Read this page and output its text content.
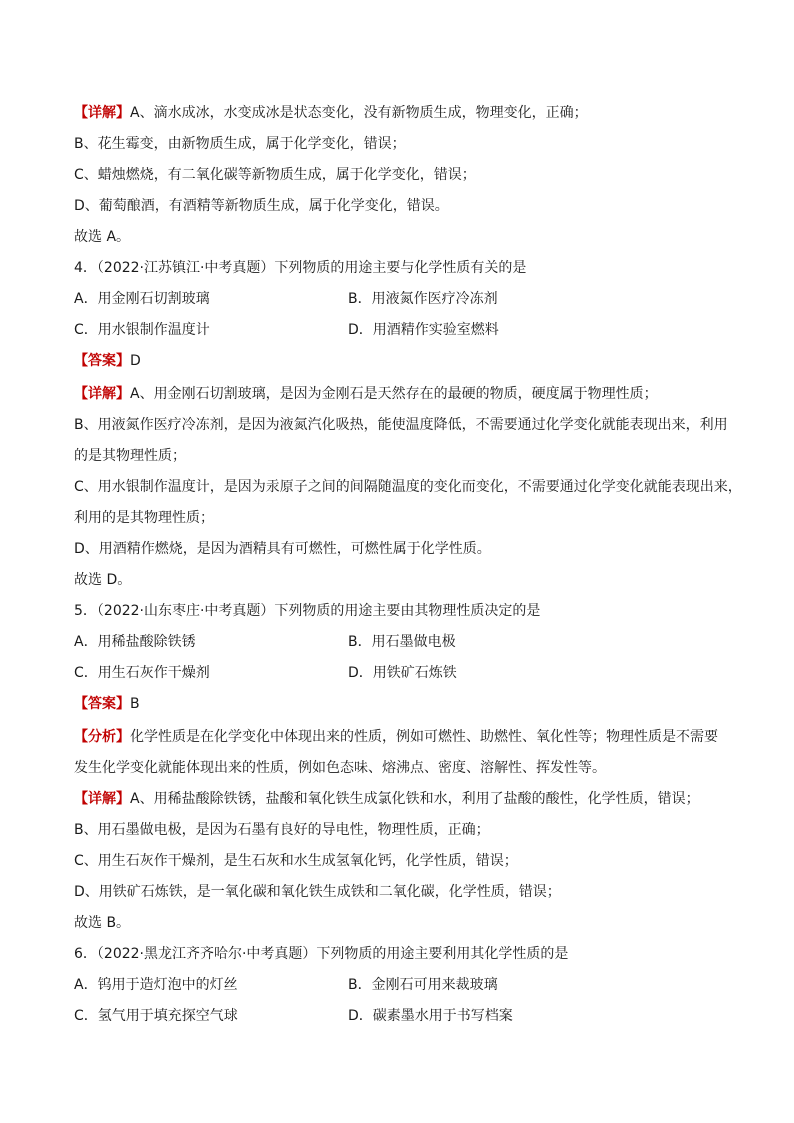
【详解】A、滴水成冰，水变成冰是状态变化，没有新物质生成，物理变化，正确；
B、花生霉变，由新物质生成，属于化学变化，错误；
C、蜡烛燃烧，有二氧化碳等新物质生成，属于化学变化，错误；
D、葡萄酿酒，有酒精等新物质生成，属于化学变化，错误。
故选 A。
4．（2022·江苏镇江·中考真题）下列物质的用途主要与化学性质有关的是
A．用金刚石切割玻璃	B．用液氮作医疗冷冻剂
C．用水银制作温度计	D．用酒精作实验室燃料
【答案】D
【详解】A、用金刚石切割玻璃，是因为金刚石是天然存在的最硬的物质，硬度属于物理性质；
B、用液氮作医疗冷冻剂，是因为液氮汽化吸热，能使温度降低，不需要通过化学变化就能表现出来，利用
的是其物理性质；
C、用水银制作温度计，是因为汞原子之间的间隔随温度的变化而变化，不需要通过化学变化就能表现出来，
利用的是其物理性质；
D、用酒精作燃烧，是因为酒精具有可燃性，可燃性属于化学性质。
故选 D。
5．（2022·山东枣庄·中考真题）下列物质的用途主要由其物理性质决定的是
A．用稀盐酸除铁锈	B．用石墨做电极
C．用生石灰作干燥剂	D．用铁矿石炼铁
【答案】B
【分析】化学性质是在化学变化中体现出来的性质，例如可燃性、助燃性、氧化性等；物理性质是不需要
发生化学变化就能体现出来的性质，例如色态味、熔沸点、密度、溶解性、挥发性等。
【详解】A、用稀盐酸除铁锈，盐酸和氧化铁生成氯化铁和水，利用了盐酸的酸性，化学性质，错误；
B、用石墨做电极，是因为石墨有良好的导电性，物理性质，正确；
C、用生石灰作干燥剂，是生石灰和水生成氢氧化钙，化学性质，错误；
D、用铁矿石炼铁，是一氧化碳和氧化铁生成铁和二氧化碳，化学性质，错误；
故选 B。
6．（2022·黑龙江齐齐哈尔·中考真题）下列物质的用途主要利用其化学性质的是
A．钨用于造灯泡中的灯丝	B．金刚石可用来裁玻璃
C．氢气用于填充探空气球	D．碳素墨水用于书写档案
